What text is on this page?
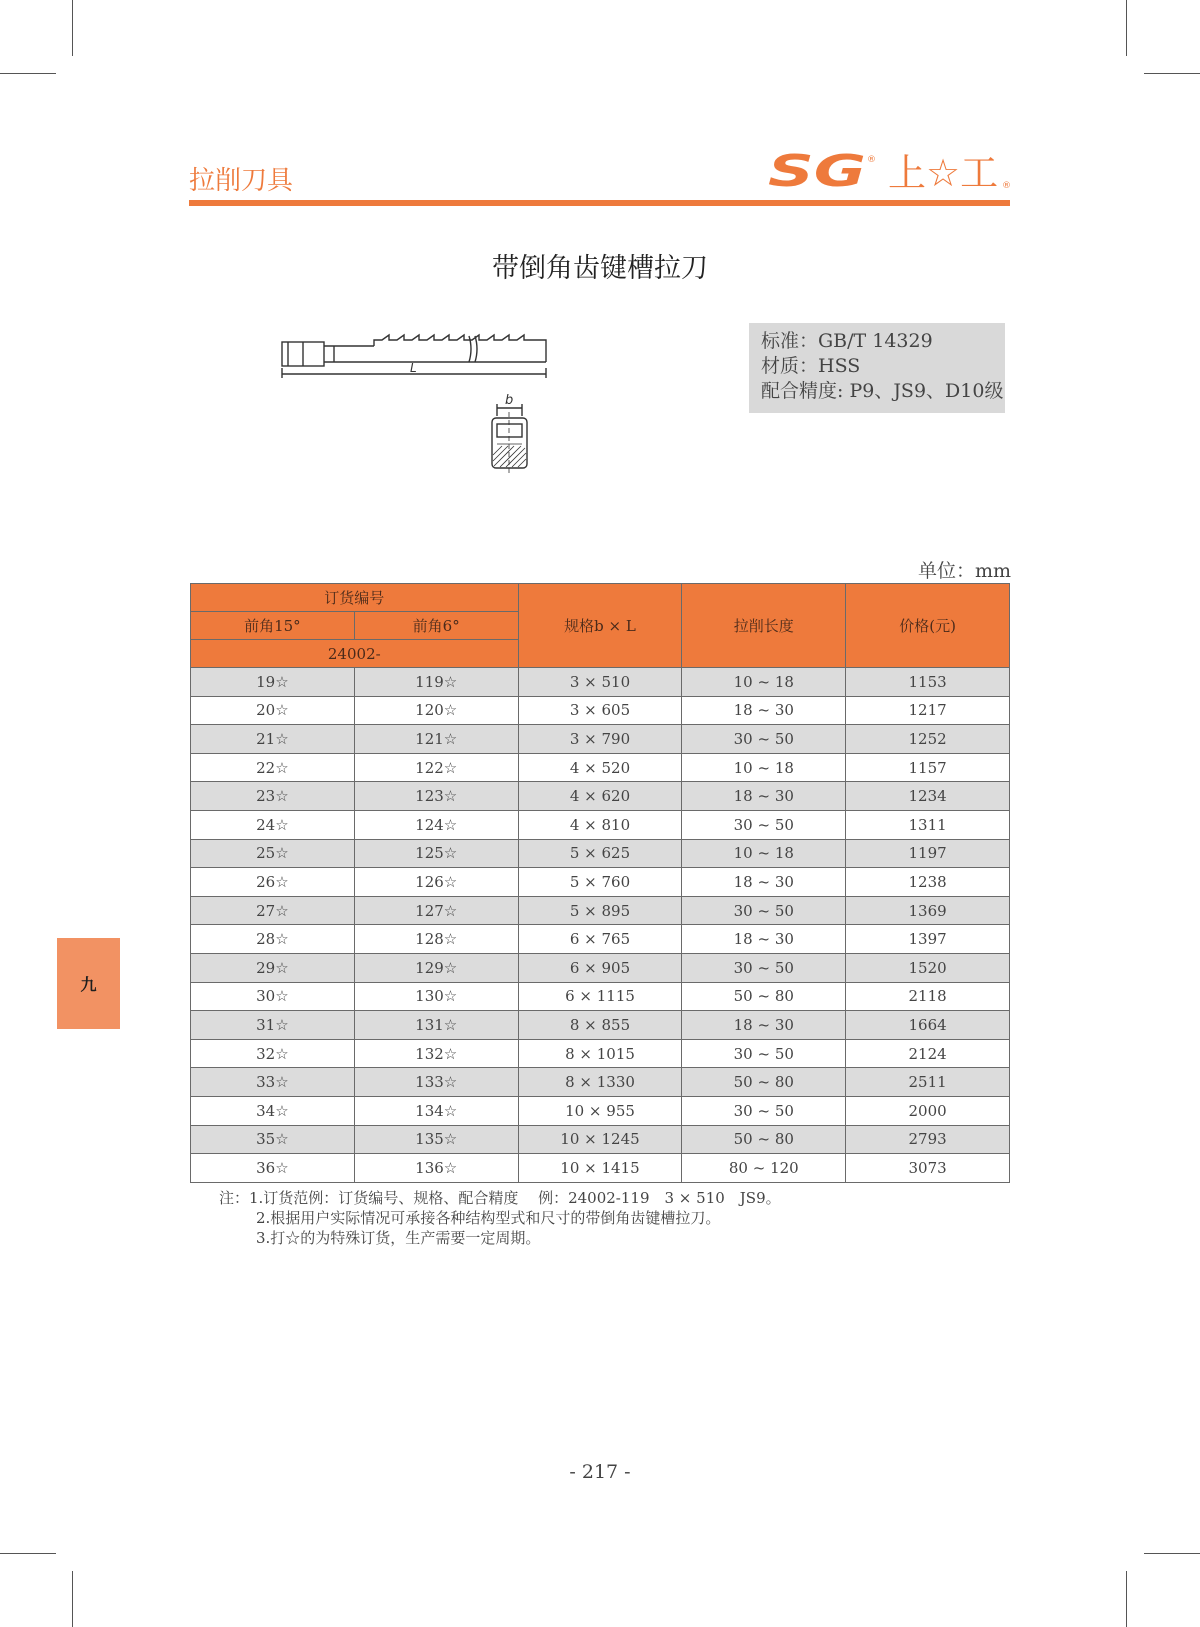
拉削刀具	SG ® 上☆工 ®
带倒角齿键槽拉刀
L
b
标准：GB/T 14329
材质：HSS
配合精度: P9、JS9、D10级
单位：mm
订货编号		规格b × L	拉削长度	价格(元)
前角15°	前角6°			
24002-				
19☆	119☆	3 × 510	10 ~ 18	1153
20☆	120☆	3 × 605	18 ~ 30	1217
21☆	121☆	3 × 790	30 ~ 50	1252
22☆	122☆	4 × 520	10 ~ 18	1157
23☆	123☆	4 × 620	18 ~ 30	1234
24☆	124☆	4 × 810	30 ~ 50	1311
25☆	125☆	5 × 625	10 ~ 18	1197
26☆	126☆	5 × 760	18 ~ 30	1238
27☆	127☆	5 × 895	30 ~ 50	1369
28☆	128☆	6 × 765	18 ~ 30	1397
29☆	129☆	6 × 905	30 ~ 50	1520
30☆	130☆	6 × 1115	50 ~ 80	2118
31☆	131☆	8 × 855	18 ~ 30	1664
32☆	132☆	8 × 1015	30 ~ 50	2124
33☆	133☆	8 × 1330	50 ~ 80	2511
34☆	134☆	10 × 955	30 ~ 50	2000
35☆	135☆	10 × 1245	50 ~ 80	2793
36☆	136☆	10 × 1415	80 ~ 120	3073
注：1.订货范例：订货编号、规格、配合精度　 例：24002-119　3 × 510　JS9。
2.根据用户实际情况可承接各种结构型式和尺寸的带倒角齿键槽拉刀。
3.打☆的为特殊订货，生产需要一定周期。
九
- 217 -
